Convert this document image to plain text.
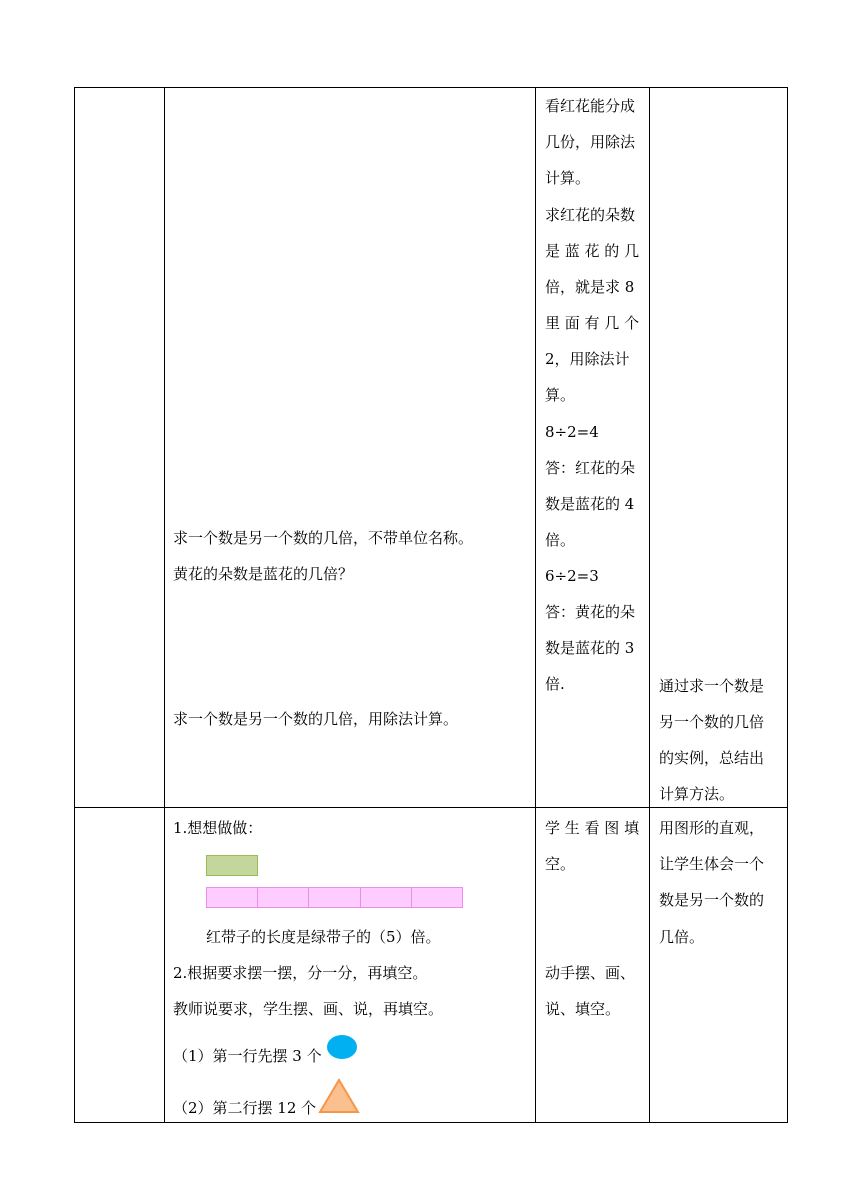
求一个数是另一个数的几倍，不带单位名称。
黄花的朵数是蓝花的几倍？
求一个数是另一个数的几倍，用除法计算。
看红花能分成
几份，用除法
计算。
求红花的朵数
是 蓝 花 的 几
倍，就是求 8
里 面 有 几 个
2，用除法计
算。
8÷2=4
答：红花的朵
数是蓝花的 4
倍。
6÷2=3
答：黄花的朵
数是蓝花的 3
倍.	通过求一个数是
另一个数的几倍
的实例，总结出
计算方法。
1.想想做做：
红带子的长度是绿带子的（5）倍。
2.根据要求摆一摆，分一分，再填空。
教师说要求，学生摆、画、说，再填空。
（1）第一行先摆 3 个
（2）第二行摆 12 个
学 生 看 图 填
空。
动手摆、画、
说、填空。
用图形的直观，
让学生体会一个
数是另一个数的
几倍。
